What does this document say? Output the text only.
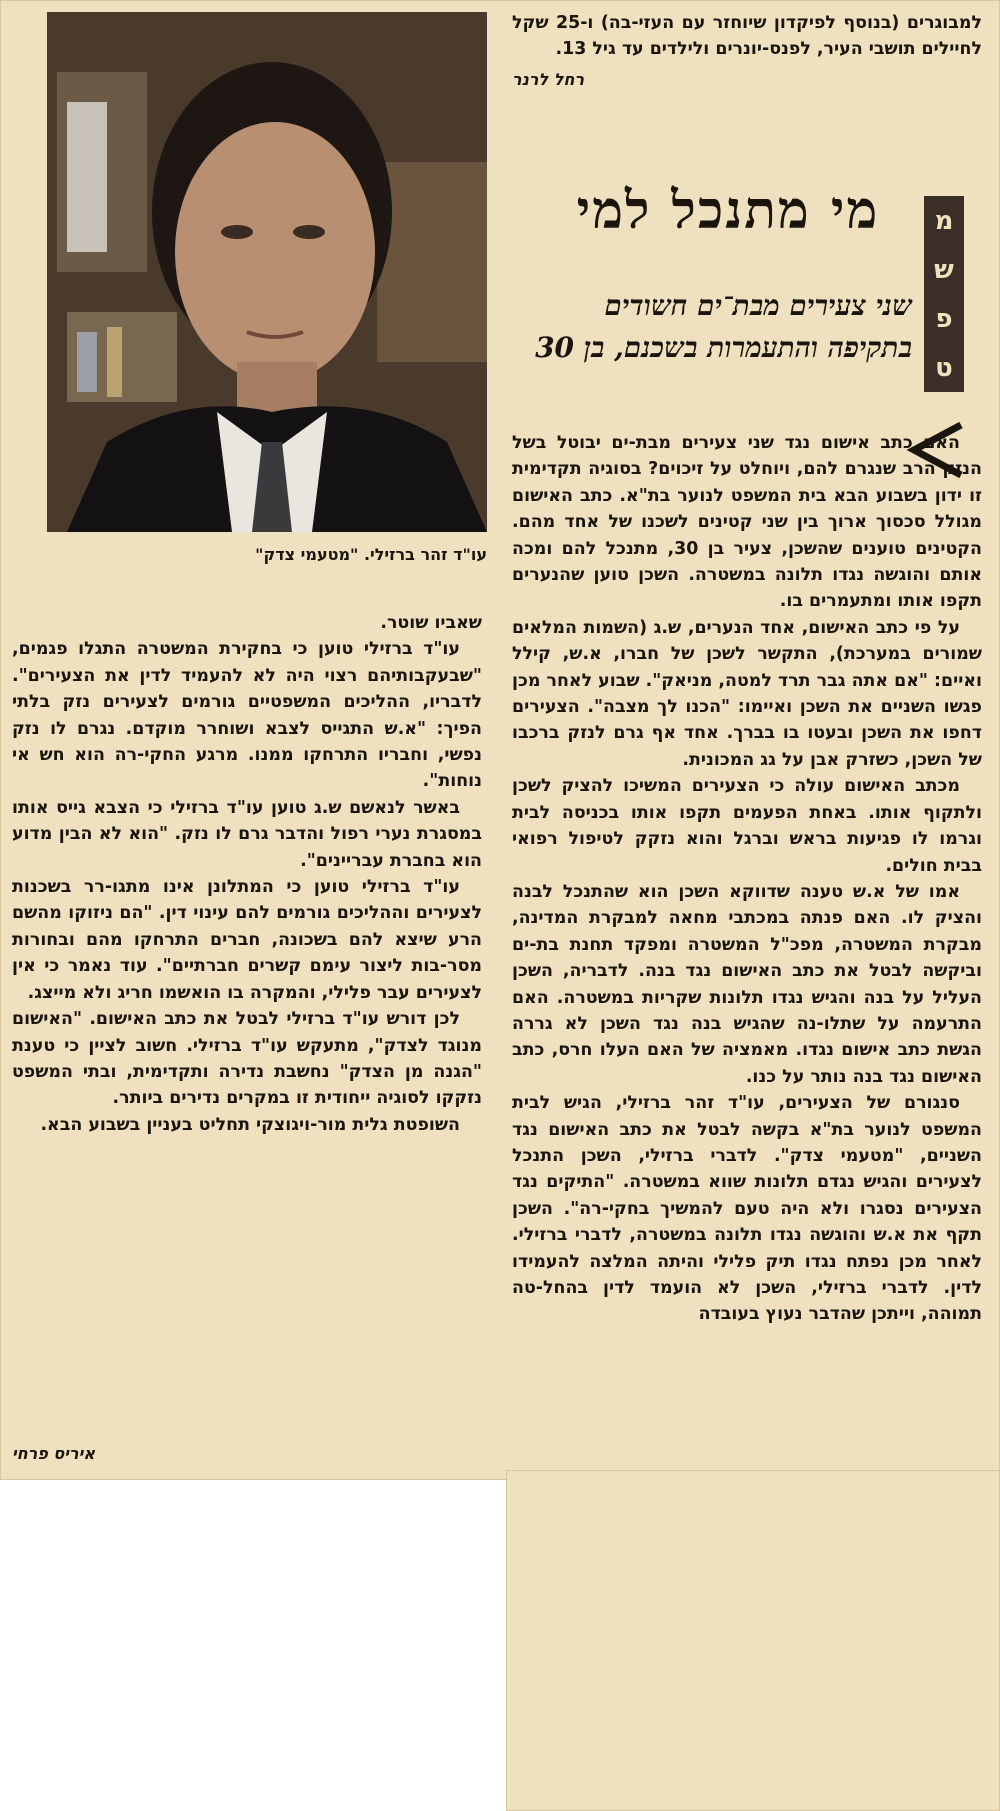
למבוגרים (בנוסף לפיקדון שיוחזר עם העזי-בה) ו-25 שקל לחיילים תושבי העיר, לפנס-יונרים ולילדים עד גיל 13.

רחל לרנר
מ
ש
פ
ט
מי מתנכל למי
שני צעירים מבת־ים חשודים בתקיפה והתעמרות בשכנם, בן 30
עו"ד זהר ברזילי. "מטעמי צדק"

האם כתב אישום נגד שני צעירים מבת-ים יבוטל בשל הנזק הרב שנגרם להם, ויוחלט על זיכוים? בסוגיה תקדימית זו ידון בשבוע הבא בית המשפט לנוער בת"א. כתב האישום מגולל סכסוך ארוך בין שני קטינים לשכנו של אחד מהם. הקטינים טוענים שהשכן, צעיר בן 30, מתנכל להם ומכה אותם והוגשה נגדו תלונה במשטרה. השכן טוען שהנערים תקפו אותו ומתעמרים בו.

על פי כתב האישום, אחד הנערים, ש.ג (השמות המלאים שמורים במערכת), התקשר לשכן של חברו, א.ש, קילל ואיים: "אם אתה גבר תרד למטה, מניאק". שבוע לאחר מכן פגשו השניים את השכן ואיימו: "הכנו לך מצבה". הצעירים דחפו את השכן ובעטו בו בברך. אחד אף גרם לנזק ברכבו של השכן, כשזרק אבן על גג המכונית.

מכתב האישום עולה כי הצעירים המשיכו להציק לשכן ולתקוף אותו. באחת הפעמים תקפו אותו בכניסה לבית וגרמו לו פגיעות בראש וברגל והוא נזקק לטיפול רפואי בבית חולים.

אמו של א.ש טענה שדווקא השכן הוא שהתנכל לבנה והציק לו. האם פנתה במכתבי מחאה למבקרת המדינה, מבקרת המשטרה, מפכ"ל המשטרה ומפקד תחנת בת-ים וביקשה לבטל את כתב האישום נגד בנה. לדבריה, השכן העליל על בנה והגיש נגדו תלונות שקריות במשטרה. האם התרעמה על שתלו-נה שהגיש בנה נגד השכן לא גררה הגשת כתב אישום נגדו. מאמציה של האם העלו חרס, כתב האישום נגד בנה נותר על כנו.

סנגורם של הצעירים, עו"ד זהר ברזילי, הגיש לבית המשפט לנוער בת"א בקשה לבטל את כתב האישום נגד השניים, "מטעמי צדק". לדברי ברזילי, השכן התנכל לצעירים והגיש נגדם תלונות שווא במשטרה. "התיקים נגד הצעירים נסגרו ולא היה טעם להמשיך בחקי-רה". השכן תקף את א.ש והוגשה נגדו תלונה במשטרה, לדברי ברזילי. לאחר מכן נפתח נגדו תיק פלילי והיתה המלצה להעמידו לדין. לדברי ברזילי, השכן לא הועמד לדין בהחל-טה תמוהה, וייתכן שהדבר נעוץ בעובדה

שאביו שוטר.

עו"ד ברזילי טוען כי בחקירת המשטרה התגלו פגמים, "שבעקבותיהם רצוי היה לא להעמיד לדין את הצעירים". לדבריו, ההליכים המשפטיים גורמים לצעירים נזק בלתי הפיך: "א.ש התגייס לצבא ושוחרר מוקדם. נגרם לו נזק נפשי, וחבריו התרחקו ממנו. מרגע החקי-רה הוא חש אי נוחות".

באשר לנאשם ש.ג טוען עו"ד ברזילי כי הצבא גייס אותו במסגרת נערי רפול והדבר גרם לו נזק. "הוא לא הבין מדוע הוא בחברת עבריינים".

עו"ד ברזילי טוען כי המתלונן אינו מתגו-רר בשכנות לצעירים וההליכים גורמים להם עינוי דין. "הם ניזוקו מהשם הרע שיצא להם בשכונה, חברים התרחקו מהם ובחורות מסר-בות ליצור עימם קשרים חברתיים". עוד נאמר כי אין לצעירים עבר פלילי, והמקרה בו הואשמו חריג ולא מייצג.

לכן דורש עו"ד ברזילי לבטל את כתב האישום. "האישום מנוגד לצדק", מתעקש עו"ד ברזילי. חשוב לציין כי טענת "הגנה מן הצדק" נחשבת נדירה ותקדימית, ובתי המשפט נזקקו לסוגיה ייחודית זו במקרים נדירים ביותר.

השופטת גלית מור-ויגוצקי תחליט בעניין בשבוע הבא.

איריס פרחי
